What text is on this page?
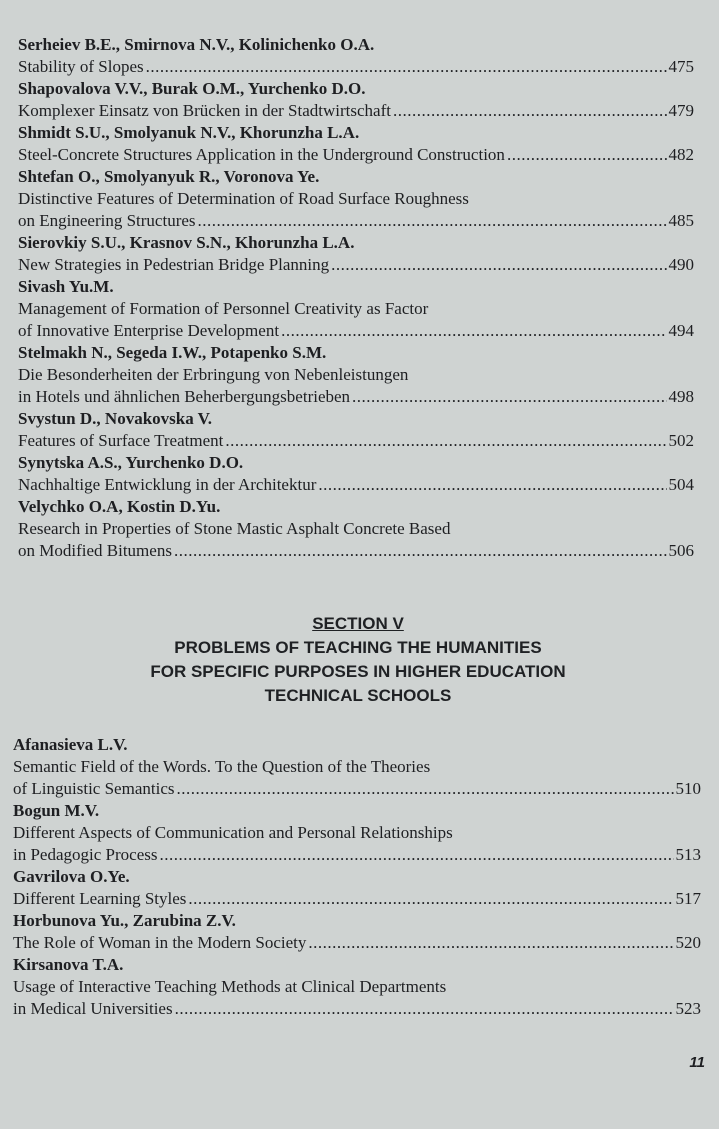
Serheiev B.E., Smirnova N.V., Kolinichenko O.A.
Stability of Slopes .....	475
Shapovalova V.V., Burak O.M., Yurchenko D.O.
Komplexer Einsatz von Brücken in der Stadtwirtschaft .....	479
Shmidt S.U., Smolyanuk N.V., Khorunzha L.A.
Steel-Concrete Structures Application in the Underground Construction .....	482
Shtefan O., Smolyanyuk R., Voronova Ye.
Distinctive Features of Determination of Road Surface Roughness
on Engineering Structures .....	485
Sierovkiy S.U., Krasnov S.N., Khorunzha L.A.
New Strategies in Pedestrian Bridge Planning .....	490
Sivash Yu.M.
Management of Formation of Personnel Creativity as Factor
of Innovative Enterprise Development .....	494
Stelmakh N., Segeda I.W., Potapenko S.M.
Die Besonderheiten der Erbringung von Nebenleistungen
in Hotels und ähnlichen Beherbergungsbetrieben .....	498
Svystun D., Novakovska V.
Features of Surface Treatment .....	502
Synytska A.S., Yurchenko D.O.
Nachhaltige Entwicklung in der Architektur .....	504
Velychko O.A, Kostin D.Yu.
Research in Properties of Stone Mastic Asphalt Concrete Based
on Modified Bitumens .....	506
SECTION V
PROBLEMS OF TEACHING THE HUMANITIES
FOR SPECIFIC PURPOSES IN HIGHER EDUCATION
TECHNICAL SCHOOLS
Afanasieva L.V.
Semantic Field of the Words. To the Question of the Theories
of Linguistic Semantics .....	510
Bogun M.V.
Different Aspects of Communication and Personal Relationships
in Pedagogic Process .....	513
Gavrilova O.Ye.
Different Learning Styles .....	517
Horbunova Yu., Zarubina Z.V.
The Role of Woman in the Modern Society .....	520
Kirsanova T.A.
Usage of Interactive Teaching Methods at Clinical Departments
in Medical Universities .....	523
11
